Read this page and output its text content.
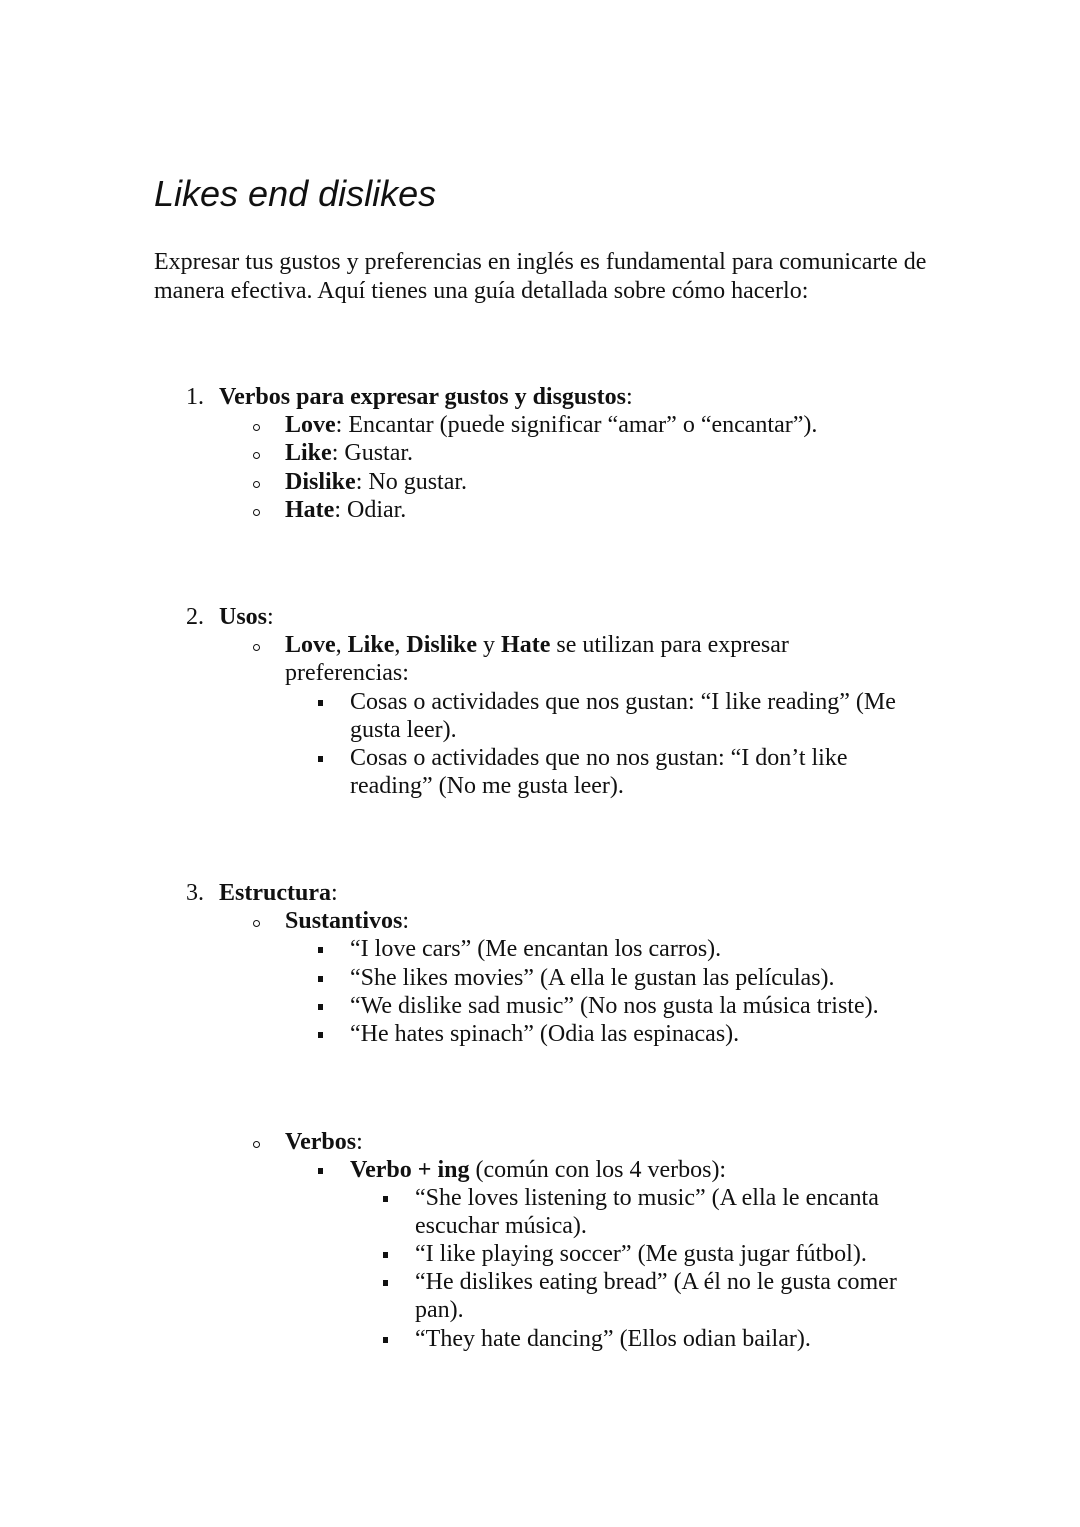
Likes end dislikes

Expresar tus gustos y preferencias en inglés es fundamental para comunicarte de manera efectiva. Aquí tienes una guía detallada sobre cómo hacerlo:

1. Verbos para expresar gustos y disgustos:
Love: Encantar (puede significar “amar” o “encantar”).
Like: Gustar.
Dislike: No gustar.
Hate: Odiar.
2. Usos:
Love, Like, Dislike y Hate se utilizan para expresar preferencias:
Cosas o actividades que nos gustan: “I like reading” (Me gusta leer).
Cosas o actividades que no nos gustan: “I don’t like reading” (No me gusta leer).
3. Estructura:
Sustantivos:
“I love cars” (Me encantan los carros).
“She likes movies” (A ella le gustan las películas).
“We dislike sad music” (No nos gusta la música triste).
“He hates spinach” (Odia las espinacas).
Verbos:
Verbo + ing (común con los 4 verbos):
“She loves listening to music” (A ella le encanta escuchar música).
“I like playing soccer” (Me gusta jugar fútbol).
“He dislikes eating bread” (A él no le gusta comer pan).
“They hate dancing” (Ellos odian bailar).
